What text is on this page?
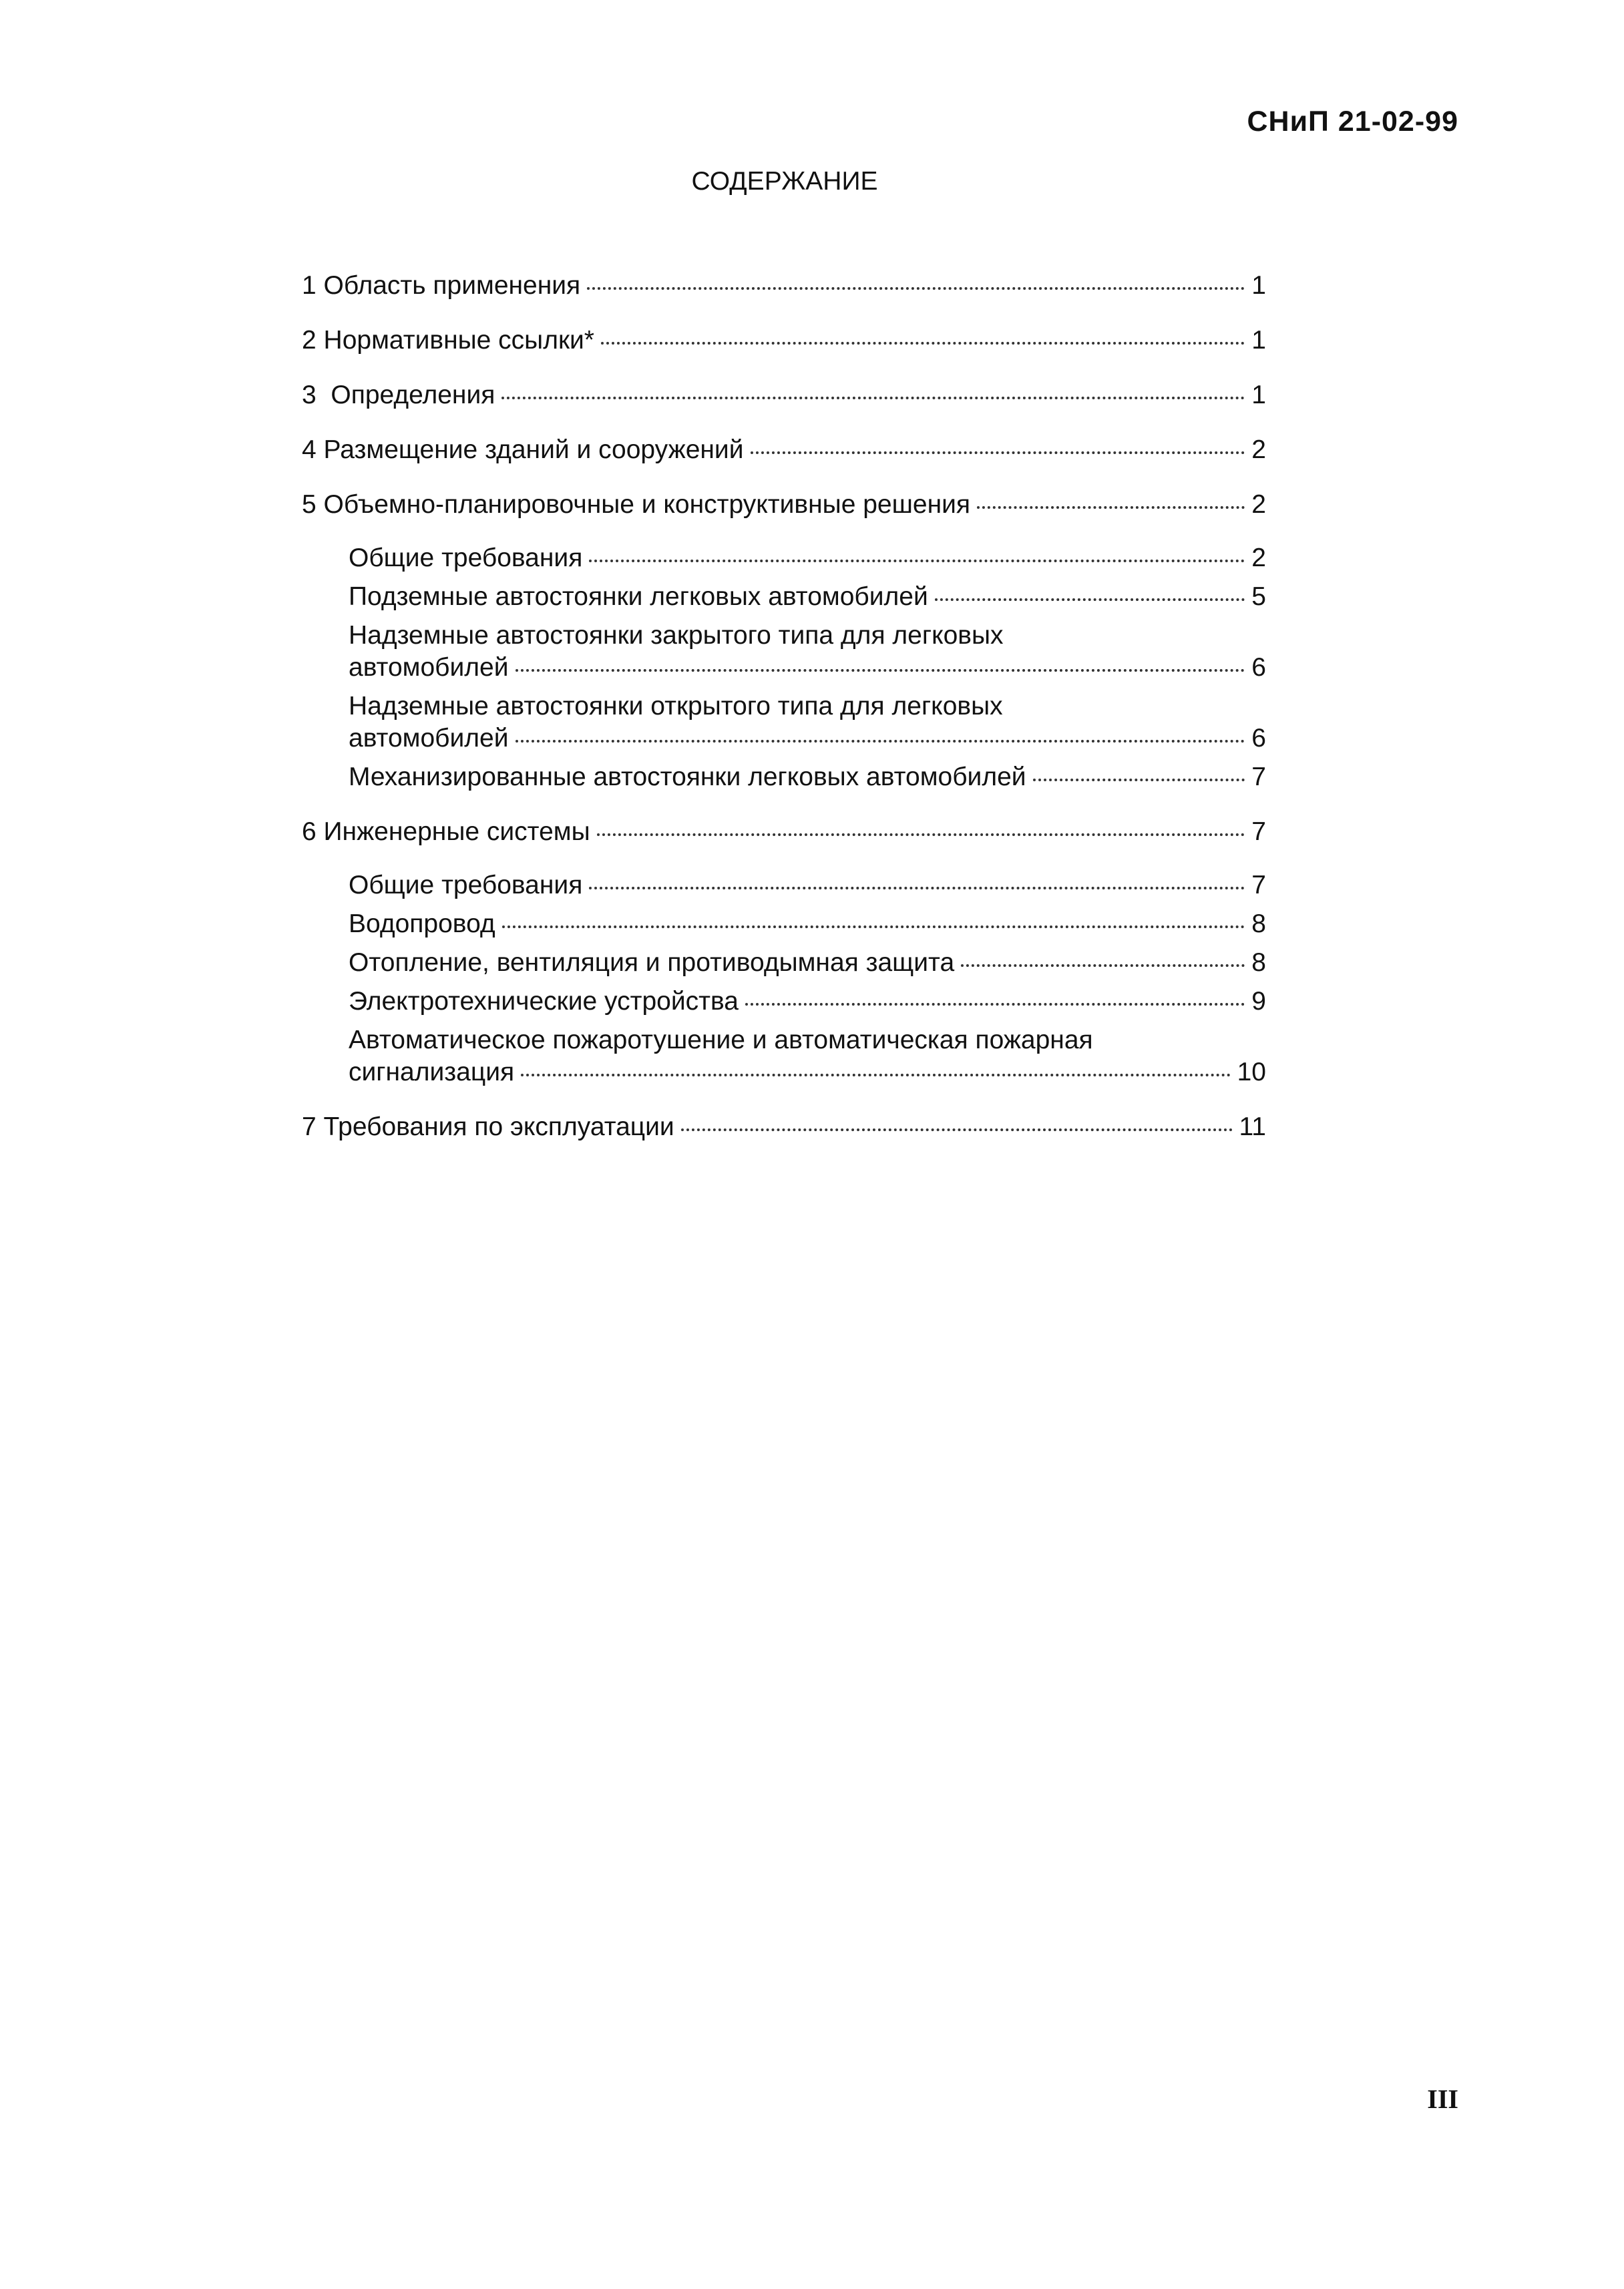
СНиП 21-02-99
СОДЕРЖАНИЕ
1 Область применения	1
2 Нормативные ссылки*	1
3  Определения	1
4 Размещение зданий и сооружений	2
5 Объемно-планировочные и конструктивные решения	2
Общие требования	2
Подземные автостоянки легковых автомобилей	5
Надземные автостоянки закрытого типа для легковых
автомобилей	6
Надземные автостоянки открытого типа для легковых
автомобилей	6
Механизированные автостоянки легковых автомобилей	7
6 Инженерные системы	7
Общие требования	7
Водопровод	8
Отопление, вентиляция и противодымная защита	8
Электротехнические устройства	9
Автоматическое пожаротушение и автоматическая пожарная
сигнализация	10
7 Требования по эксплуатации	11
III
